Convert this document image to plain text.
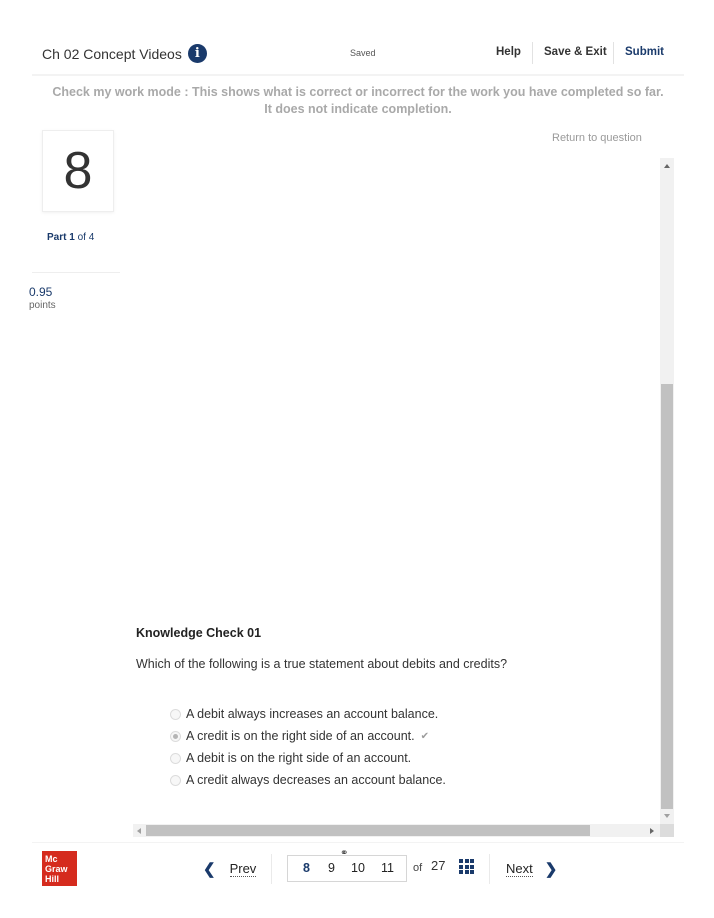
Ch 02 Concept Videos	i	Saved	Help Save & Exit Submit
Check my work mode : This shows what is correct or incorrect for the work you have completed so far.
It does not indicate completion.
8
Part 1 of 4
0.95
points
Return to question
Knowledge Check 01
Which of the following is a true statement about debits and credits?
A debit always increases an account balance.
A credit is on the right side of an account. ✔
A debit is on the right side of an account.
A credit always decreases an account balance.
Mc
Graw
Hill
❮ Prev
⚭
8 9 10 11 of 27	Next ❯
